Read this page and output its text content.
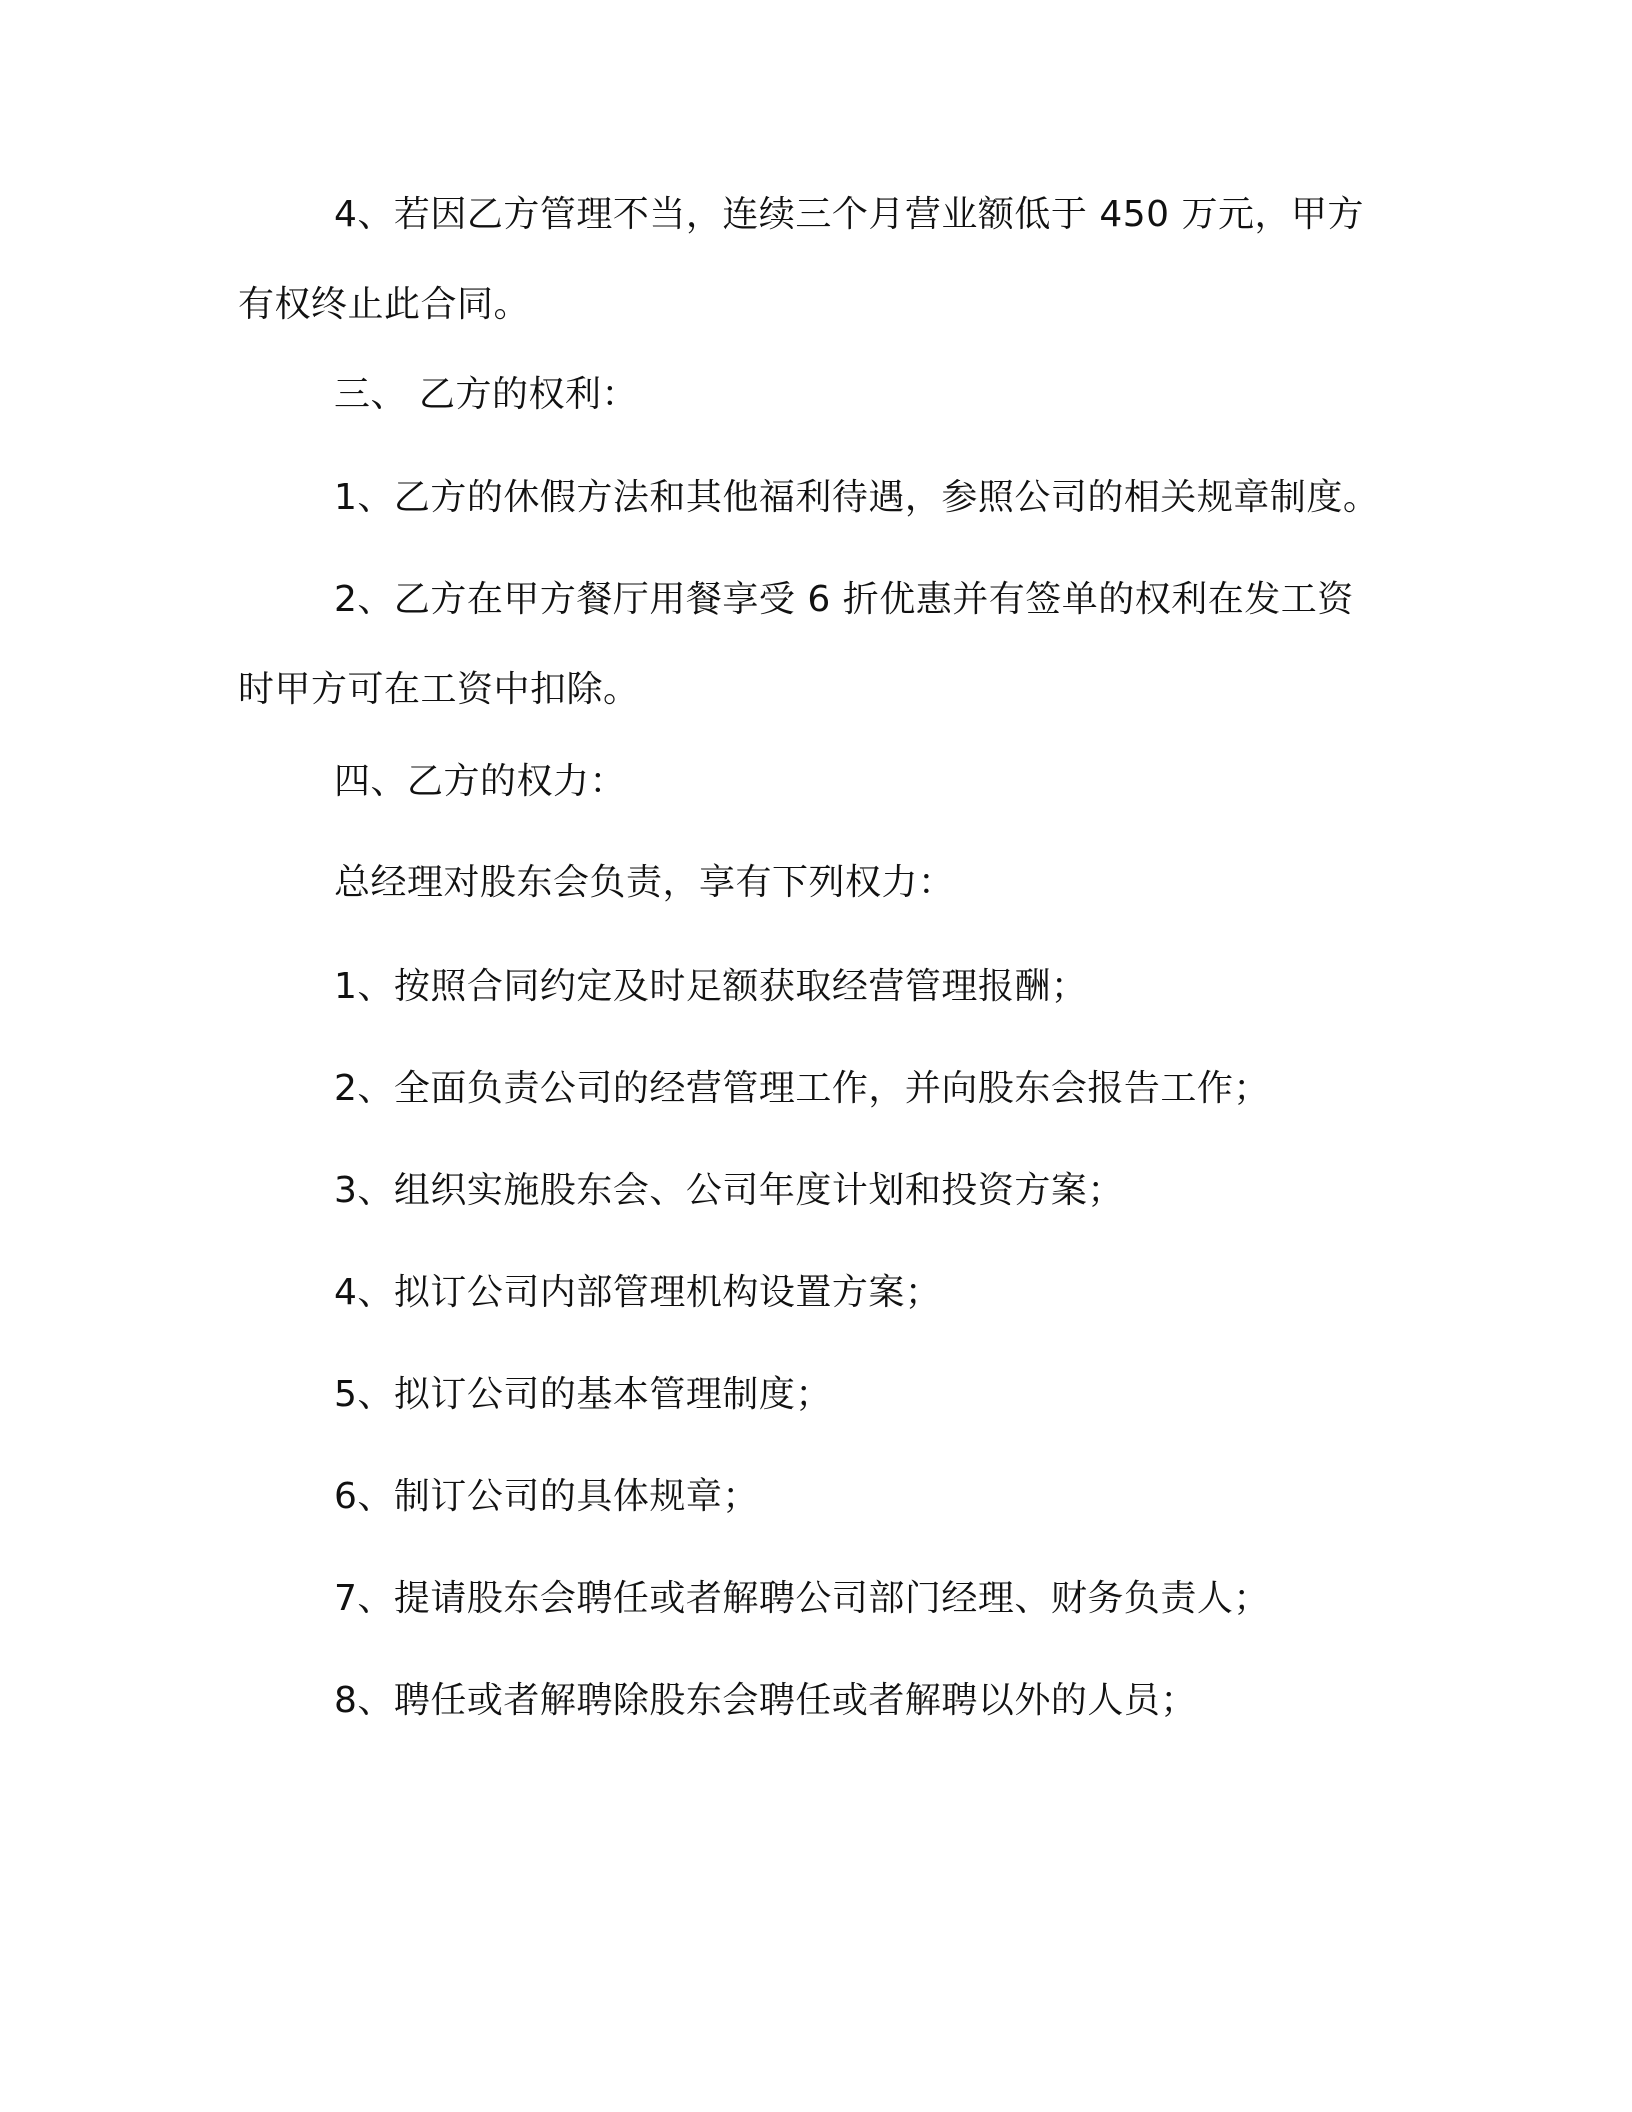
4、若因乙方管理不当，连续三个月营业额低于 450 万元，甲方有权终止此合同。
三、 乙方的权利：
1、乙方的休假方法和其他福利待遇，参照公司的相关规章制度。
2、乙方在甲方餐厅用餐享受 6 折优惠并有签单的权利在发工资时甲方可在工资中扣除。
四、乙方的权力：
总经理对股东会负责，享有下列权力：
1、按照合同约定及时足额获取经营管理报酬；
2、全面负责公司的经营管理工作，并向股东会报告工作；
3、组织实施股东会、公司年度计划和投资方案；
4、拟订公司内部管理机构设置方案；
5、拟订公司的基本管理制度；
6、制订公司的具体规章；
7、提请股东会聘任或者解聘公司部门经理、财务负责人；
8、聘任或者解聘除股东会聘任或者解聘以外的人员；
